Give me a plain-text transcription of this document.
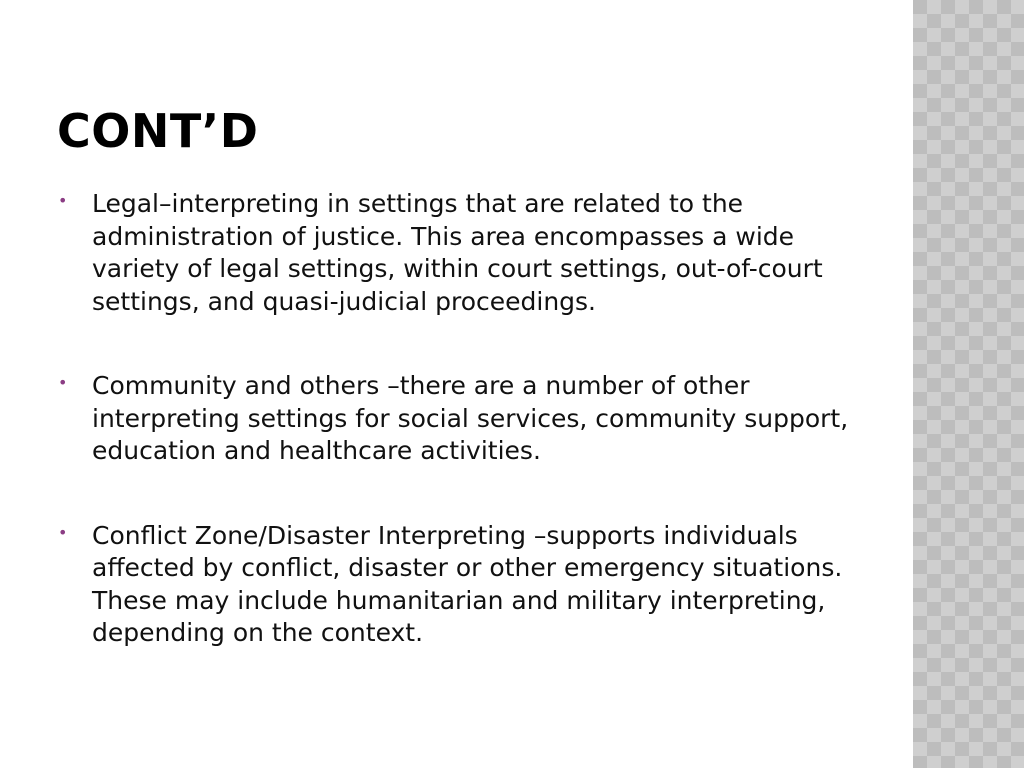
CONT’D
• Legal–interpreting in settings that are related to the administration of justice. This area encompasses a wide variety of legal settings, within court settings, out-of-court settings, and quasi-judicial proceedings.
• Community and others –there are a number of other interpreting settings for social services, community support, education and healthcare activities.
• Conflict Zone/Disaster Interpreting –supports individuals affected by conflict, disaster or other emergency situations. These may include humanitarian and military interpreting, depending on the context.
